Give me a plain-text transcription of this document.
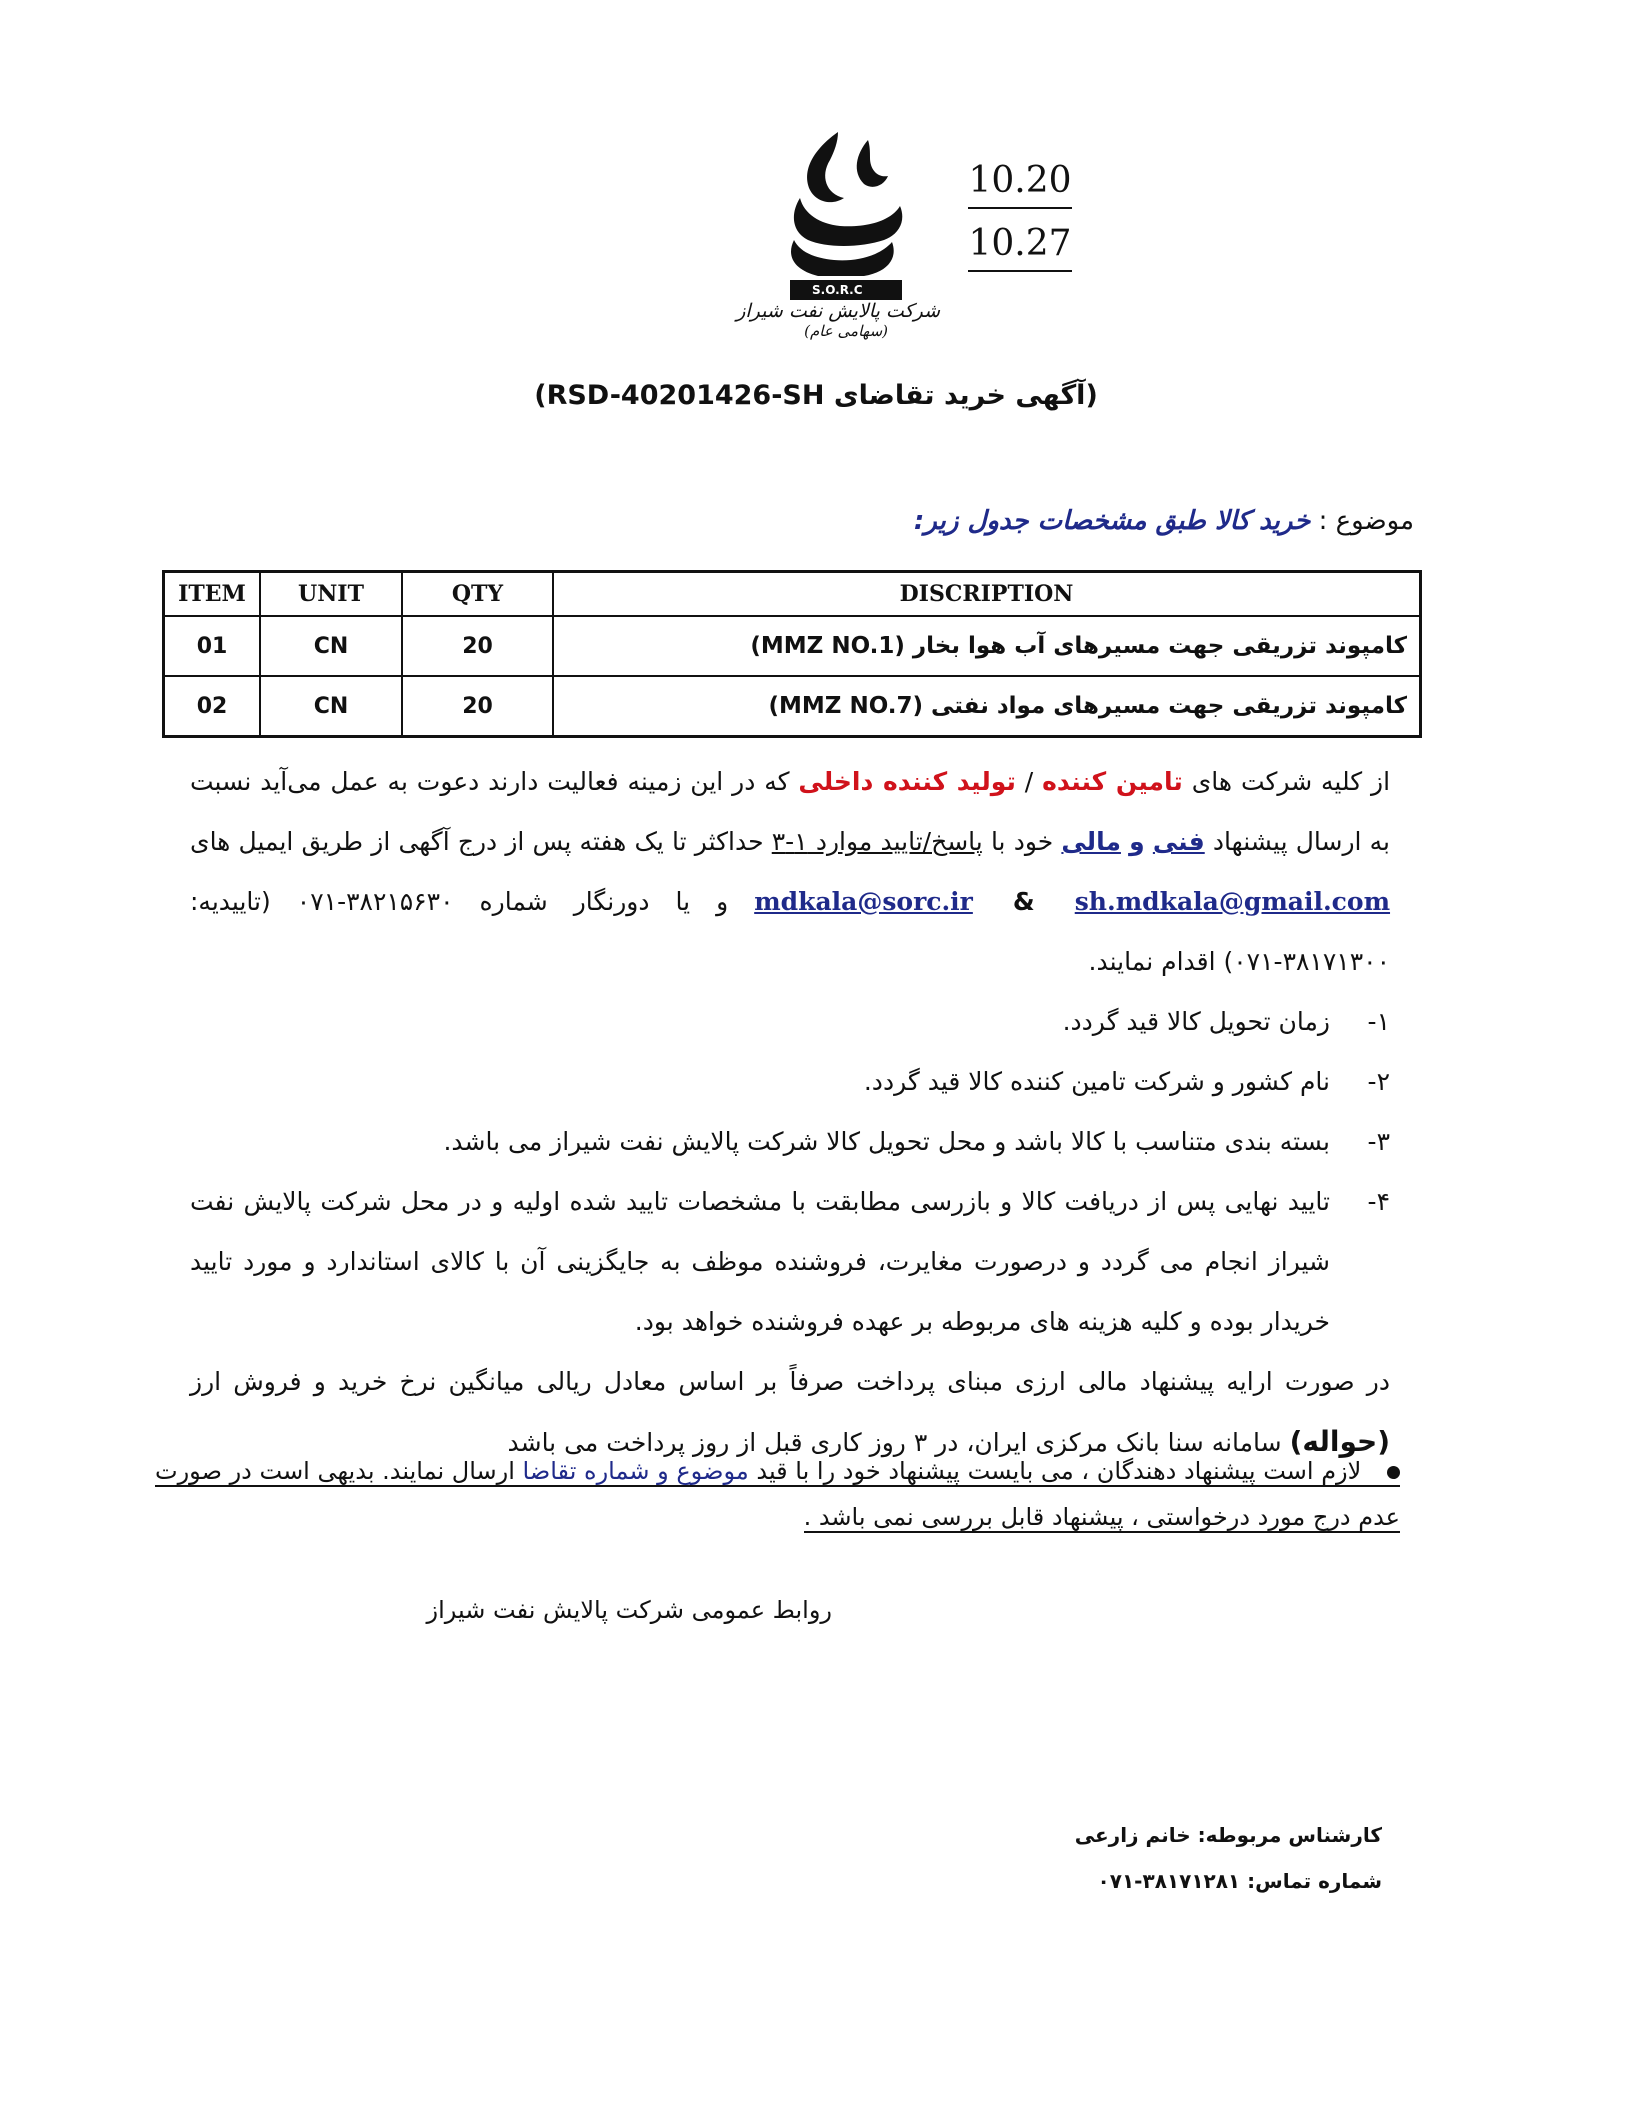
S.O.R.C
شرکت پالایش نفت شیراز
(سهامی عام)
10.20
10.27
(آگهی خرید تقاضای RSD-40201426-SH)
موضوع : خرید کالا طبق مشخصات جدول زیر:
ITEM	UNIT	QTY	DISCRIPTION
01	CN	20	کامپوند تزریقی جهت مسیرهای آب هوا بخار (MMZ NO.1)
02	CN	20	کامپوند تزریقی جهت مسیرهای مواد نفتی (MMZ NO.7)

از کلیه شرکت های تامین کننده / تولید کننده داخلی که در این زمینه فعالیت دارند دعوت به عمل می‌آید نسبت به ارسال پیشنهاد فنی و مالی خود با پاسخ/تایید موارد ۱-۳ حداکثر تا یک هفته پس از درج آگهی از طریق ایمیل های mdkala@sorc.ir & sh.mdkala@gmail.com و یا دورنگار شماره ۳۸۲۱۵۶۳۰-۰۷۱ (تاییدیه: ۳۸۱۷۱۳۰۰-۰۷۱) اقدام نمایند.

۱-
زمان تحویل کالا قید گردد.
۲-
نام کشور و شرکت تامین کننده کالا قید گردد.
۳-
بسته بندی متناسب با کالا باشد و محل تحویل کالا شرکت پالایش نفت شیراز می باشد.
۴-
تایید نهایی پس از دریافت کالا و بازرسی مطابقت با مشخصات تایید شده اولیه و در محل شرکت پالایش نفت شیراز انجام می گردد و درصورت مغایرت، فروشنده موظف به جایگزینی آن با کالای استاندارد و مورد تایید خریدار بوده و کلیه هزینه های مربوطه بر عهده فروشنده خواهد بود.

در صورت ارایه پیشنهاد مالی ارزی مبنای پرداخت صرفاً بر اساس معادل ریالی میانگین نرخ خرید و فروش ارز (حواله) سامانه سنا بانک مرکزی ایران، در ۳ روز کاری قبل از روز پرداخت می باشد

لازم است پیشنهاد دهندگان ، می بایست پیشنهاد خود را با قید موضوع و شماره تقاضا ارسال نمایند. بدیهی است در صورت عدم درج مورد درخواستی ، پیشنهاد قابل بررسی نمی باشد .
روابط عمومی شرکت پالایش نفت شیراز
کارشناس مربوطه: خانم زارعی
شماره تماس: ۳۸۱۷۱۲۸۱-۰۷۱
